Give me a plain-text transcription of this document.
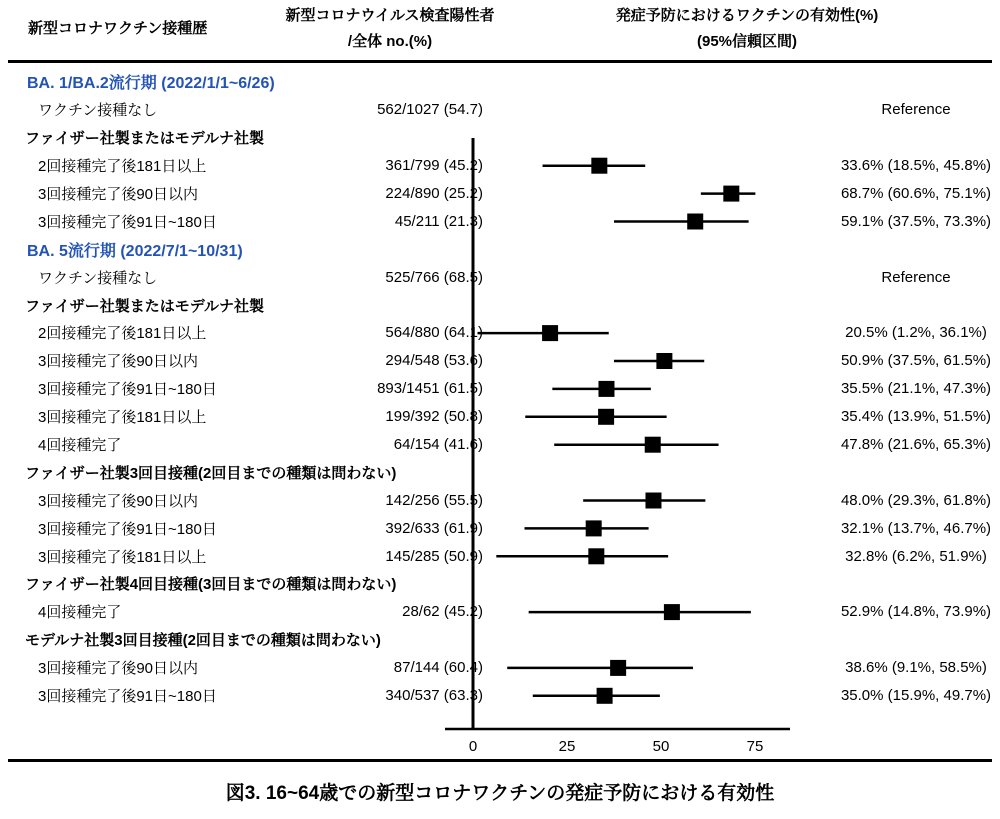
新型コロナワクチン接種歴
新型コロナウイルス検査陽性者
/全体 no.(%)
発症予防におけるワクチンの有効性(%)
(95%信頼区間)
BA. 1/BA.2流行期 (2022/1/1~6/26)
ワクチン接種なし	562/1027 (54.7)	Reference
ファイザー社製またはモデルナ社製
2回接種完了後181日以上	361/799 (45.2)	33.6% (18.5%, 45.8%)
3回接種完了後90日以内	224/890 (25.2)	68.7% (60.6%, 75.1%)
3回接種完了後91日~180日	45/211 (21.3)	59.1% (37.5%, 73.3%)
BA. 5流行期 (2022/7/1~10/31)
ワクチン接種なし	525/766 (68.5)	Reference
ファイザー社製またはモデルナ社製
2回接種完了後181日以上	564/880 (64.1)	20.5% (1.2%, 36.1%)
3回接種完了後90日以内	294/548 (53.6)	50.9% (37.5%, 61.5%)
3回接種完了後91日~180日	893/1451 (61.5)	35.5% (21.1%, 47.3%)
3回接種完了後181日以上	199/392 (50.8)	35.4% (13.9%, 51.5%)
4回接種完了	64/154 (41.6)	47.8% (21.6%, 65.3%)
ファイザー社製3回目接種(2回目までの種類は問わない)
3回接種完了後90日以内	142/256 (55.5)	48.0% (29.3%, 61.8%)
3回接種完了後91日~180日	392/633 (61.9)	32.1% (13.7%, 46.7%)
3回接種完了後181日以上	145/285 (50.9)	32.8% (6.2%, 51.9%)
ファイザー社製4回目接種(3回目までの種類は問わない)
4回接種完了	28/62 (45.2)	52.9% (14.8%, 73.9%)
モデルナ社製3回目接種(2回目までの種類は問わない)
3回接種完了後90日以内	87/144 (60.4)	38.6% (9.1%, 58.5%)
3回接種完了後91日~180日	340/537 (63.3)	35.0% (15.9%, 49.7%)
0	25	50	75
図3. 16~64歳での新型コロナワクチンの発症予防における有効性
